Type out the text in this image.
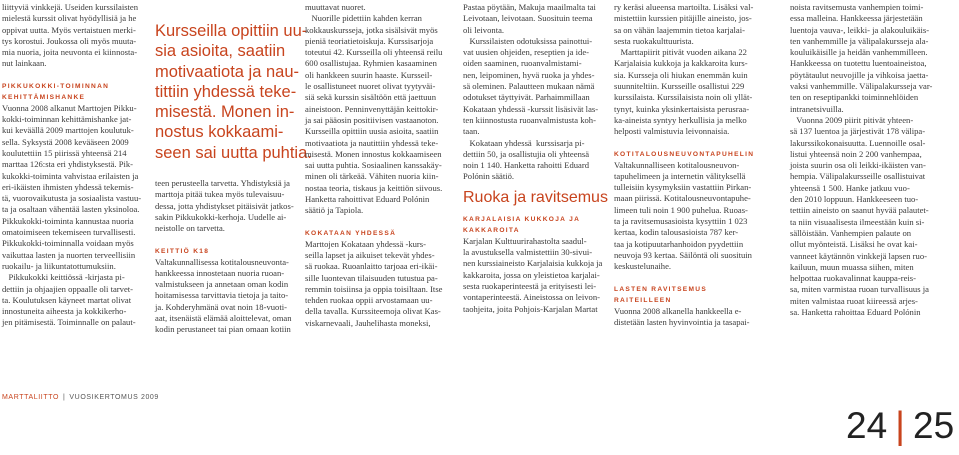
liittyviä vinkkejä. Useiden kurssilaisten
mielestä kurssit olivat hyödyllisiä ja he
oppivat uutta. Myös vertaistuen merki-
tys korostui. Joukossa oli myös muuta-
mia nuoria, joita neuvonta ei kiinnosta-
nut lainkaan.
PIKKUKOKKI-TOIMINNAN KEHITTÄMISHANKE
Vuonna 2008 alkanut Marttojen Pikku-
kokki-toiminnan kehittämishanke jat-
kui keväällä 2009 marttojen koulutuk-
sella. Syksystä 2008 kevääseen 2009
koulutettiin 15 piirissä yhteensä 214
marttaa 126:sta eri yhdistyksestä. Pik-
kukokki-toiminta vahvistaa erilaisten ja
eri-ikäisten ihmisten yhdessä tekemis-
tä, vuorovaikutusta ja sosiaalista vastuu-
ta ja osaltaan vähentää lasten yksinoloa.
Pikkukokki-toiminta kannustaa nuoria
omatoimiseen tekemiseen turvallisesti.
Pikkukokki-toiminnalla voidaan myös
vaikuttaa lasten ja nuorten terveellisiin
ruokailu- ja liikuntatottumuksiin.
Pikkukokki keittiössä -kirjasta pi-
dettiin ja ohjaajien oppaalle oli tarvet-
ta. Koulutuksen käyneet martat olivat
innostuneita aiheesta ja kokkikerho-
jen pitämisestä. Toiminnalle on palaut-
Kursseilla opittiin uu-
sia asioita, saatiin
motivaatiota ja nau-
tittiin yhdessä teke-
misestä. Monen in-
nostus kokkaami-
seen sai uutta puhtia.
teen perusteella tarvetta. Yhdistyksiä ja
marttoja pitää tukea myös tulevaisuu-
dessa, jotta yhdistykset pitäisivät jatkos-
sakin Pikkukokki-kerhoja. Uudelle ai-
neistolle on tarvetta.
KEITTIÖ K18
Valtakunnallisessa kotitalousneuvonta-
hankkeessa innostetaan nuoria ruoan-
valmistukseen ja annetaan oman kodin
hoitamisessa tarvittavia tietoja ja taito-
ja. Kohderyhmänä ovat noin 18-vuoti-
aat, itsenäistä elämää aloittelevat, oman
kodin perustaneet tai pian omaan kotiin
muuttavat nuoret.
Nuorille pidettiin kahden kerran
kokkauskursseja, jotka sisälsivät myös
pieniä teoriatietoiskuja. Kurssisarjoja
toteutui 42. Kursseilla oli yhteensä reilu
600 osallistujaa. Ryhmien kasaaminen
oli hankkeen suurin haaste. Kursseil-
le osallistuneet nuoret olivat tyytyväi-
siä sekä kurssin sisältöön että jaettuun
aineistoon. Penninvenyttäjän keittokir-
ja sai pääosin positiivisen vastaanoton.
Kursseilla opittiin uusia asioita, saatiin
motivaatiota ja nautittiin yhdessä teke-
misestä. Monen innostus kokkaamiseen
sai uutta puhtia. Sosiaalinen kanssakäy-
minen oli tärkeää. Vähiten nuoria kiin-
nostaa teoria, tiskaus ja keittiön siivous.
Hanketta rahoittivat Eduard Polónin
säätiö ja Tapiola.
KOKATAAN YHDESSÄ
Marttojen Kokataan yhdessä -kurs-
seilla lapset ja aikuiset tekevät yhdes-
sä ruokaa. Ruoanlaitto tarjoaa eri-ikäi-
sille luontevan tilaisuuden tutustua pa-
remmin toisiinsa ja oppia toisiltaan. Itse
tehden ruokaa oppii arvostamaan uu-
della tavalla. Kurssiteemoja olivat Kas-
viskarnevaali, Jauhelihasta moneksi,
Pastaa pöytään, Makuja maailmalta tai
Leivotaan, leivotaan. Suosituin teema
oli leivonta.
Kurssilaisten odotuksissa painottui-
vat uusien ohjeiden, reseptien ja ide-
oiden saaminen, ruoanvalmistami-
nen, leipominen, hyvä ruoka ja yhdes-
sä oleminen. Palautteen mukaan nämä
odotukset täyttyivät. Parhaimmillaan
Kokataan yhdessä -kurssit lisäsivät las-
ten kiinnostusta ruoanvalmistusta koh-
taan.
Kokataan yhdessä  kurssisarja pi-
dettiin 50, ja osallistujia oli yhteensä
noin 1 140. Hanketta rahoitti Eduard
Polónin säätiö.
Ruoka ja ravitsemus
KARJALAISIA KUKKOJA JA KAKKAROITA
Karjalan Kulttuurirahastolta saadul-
la avustuksella valmistettiin 30-sivui-
nen kurssiaineisto Karjalaisia kukkoja ja
kakkaroita, jossa on yleistietoa karjalai-
sesta ruokaperinteestä ja erityisesti lei-
vontaperinteestä. Aineistossa on leivon-
taohjeita, joita Pohjois-Karjalan Martat
ry keräsi alueensa martoilta. Lisäksi val-
mistettiin kurssien pitäjille aineisto, jos-
sa on vähän laajemmin tietoa karjalai-
sesta ruokakulttuurista.
Marttapiirit pitivät vuoden aikana 22
Karjalaisia kukkoja ja kakkaroita kurs-
sia. Kursseja oli hiukan enemmän kuin
suunniteltiin. Kursseille osallistui 229
kurssilaista. Kurssilaisista noin oli yllät-
tynyt, kuinka yksinkertaisista perusraa-
ka-aineista syntyy herkullisia ja melko
helposti valmistuvia leivonnaisia.
KOTITALOUSNEUVONTAPUHELIN
Valtakunnalliseen kotitalousneuvon-
tapuhelimeen ja internetin välityksellä
tulleisiin kysymyksiin vastattiin Pirkan-
maan piirissä. Kotitalousneuvontapuhe-
limeen tuli noin 1 900 puhelua. Ruoas-
ta ja ravitsemusasioista kysyttiin 1 023
kertaa, kodin talousasioista 787 ker-
taa ja kotipuutarhanhoidon pyydettiin
neuvoja 93 kertaa. Säilöntä oli suosituin
keskustelunaihe.
LASTEN RAVITSEMUS RAITEILLEEN
Vuonna 2008 alkanella hankkeella e-
distetään lasten hyvinvointia ja tasapai-
noista ravitsemusta vanhempien toimi-
essa malleina. Hankkeessa järjestetään
luentoja vauva-, leikki- ja alakouluikäis-
ten vanhemmille ja välipalakursseja ala-
kouluikäisille ja heidän vanhemmilleen.
Hankkeessa on tuotettu luentoaineistoa,
pöytätaulut neuvojille ja vihkoisa jaetta-
vaksi vanhemmille. Välipalakursseja var-
ten on reseptipankki toiminnehlöiden
intranetsivuilla.
Vuonna 2009 piirit pitivät yhteen-
sä 137 luentoa ja järjestivät 178 välipa-
lakurssikokonaisuutta. Luennoille osal-
listui yhteensä noin 2 200 vanhempaa,
joista suurin osa oli leikki-ikäisten van-
hempia. Välipalakursseille osallistuivat
yhteensä 1 500. Hanke jatkuu vuo-
den 2010 loppuun. Hankkeeseen tuo-
tettiin aineisto on saanut hyvää palautet-
ta niin visuaalisesta ilmeestään kuin si-
sällöistään. Vanhempien palaute on
ollut myönteistä. Lisäksi he ovat kai-
vanneet käytännön vinkkejä lapsen ruo-
kailuun, muun muassa siihen, miten
helpottaa ruokavalinnat kauppa-reis-
sa, miten varmistaa ruoan turvallisuus ja
miten valmistaa ruoat kiireessä arjes-
sa. Hanketta rahoittaa Eduard Polónin
MARTTALIITTO | VUOSIKERTOMUS 2009
24 | 25
